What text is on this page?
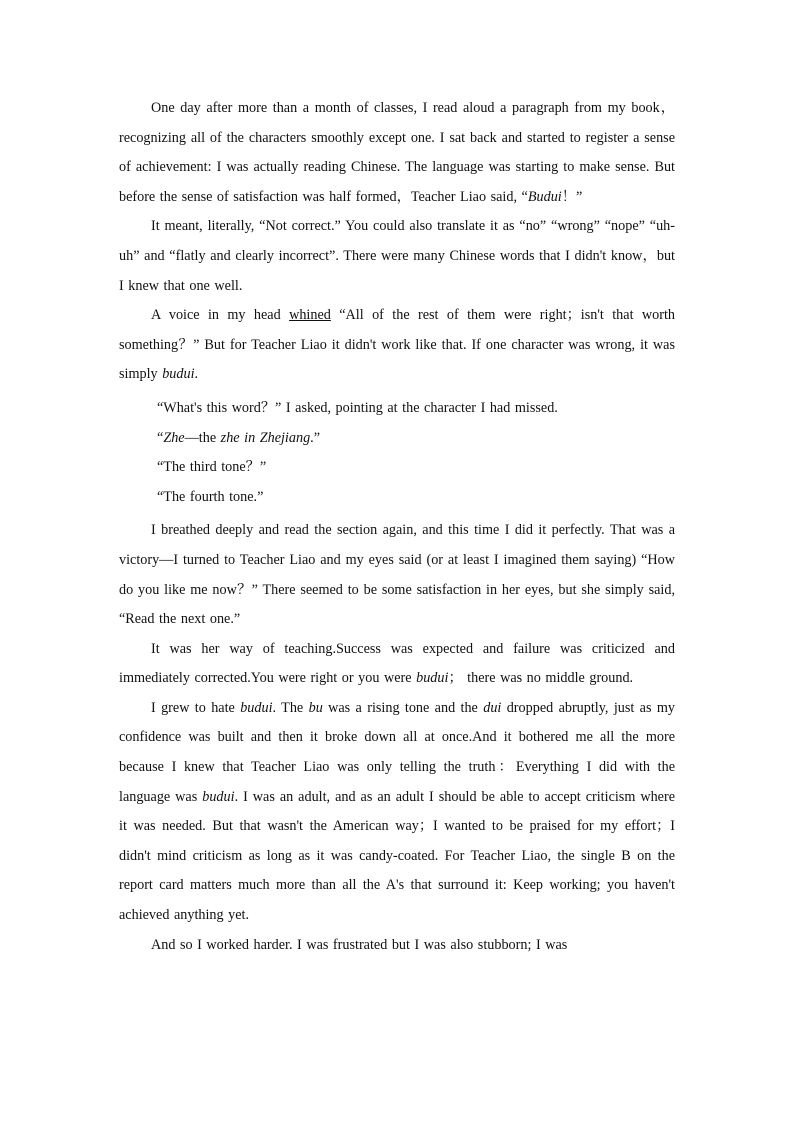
One day after more than a month of classes, I read aloud a paragraph from my book，recognizing all of the characters smoothly except one. I sat back and started to register a sense of achievement: I was actually reading Chinese. The language was starting to make sense. But before the sense of satisfaction was half formed，Teacher Liao said, “Budui！”

It meant, literally, “Not correct.” You could also translate it as “no” “wrong” “nope” “uh-uh” and “flatly and clearly incorrect”. There were many Chinese words that I didn't know，but I knew that one well.

A voice in my head whined “All of the rest of them were right；isn't that worth something？” But for Teacher Liao it didn't work like that. If one character was wrong, it was simply budui.

“What's this word？” I asked, pointing at the character I had missed.

“Zhe—the zhe in Zhejiang.”

“The third tone？”

“The fourth tone.”

I breathed deeply and read the section again, and this time I did it perfectly. That was a victory—I turned to Teacher Liao and my eyes said (or at least I imagined them saying) “How do you like me now？” There seemed to be some satisfaction in her eyes, but she simply said, “Read the next one.”

It was her way of teaching.Success was expected and failure was criticized and immediately corrected.You were right or you were budui； there was no middle ground.

I grew to hate budui. The bu was a rising tone and the dui dropped abruptly, just as my confidence was built and then it broke down all at once.And it bothered me all the more because I knew that Teacher Liao was only telling the truth：Everything I did with the language was budui. I was an adult, and as an adult I should be able to accept criticism where it was needed. But that wasn't the American way；I wanted to be praised for my effort；I didn't mind criticism as long as it was candy-coated. For Teacher Liao, the single B on the report card matters much more than all the A's that surround it: Keep working; you haven't achieved anything yet.

And so I worked harder. I was frustrated but I was also stubborn; I was
